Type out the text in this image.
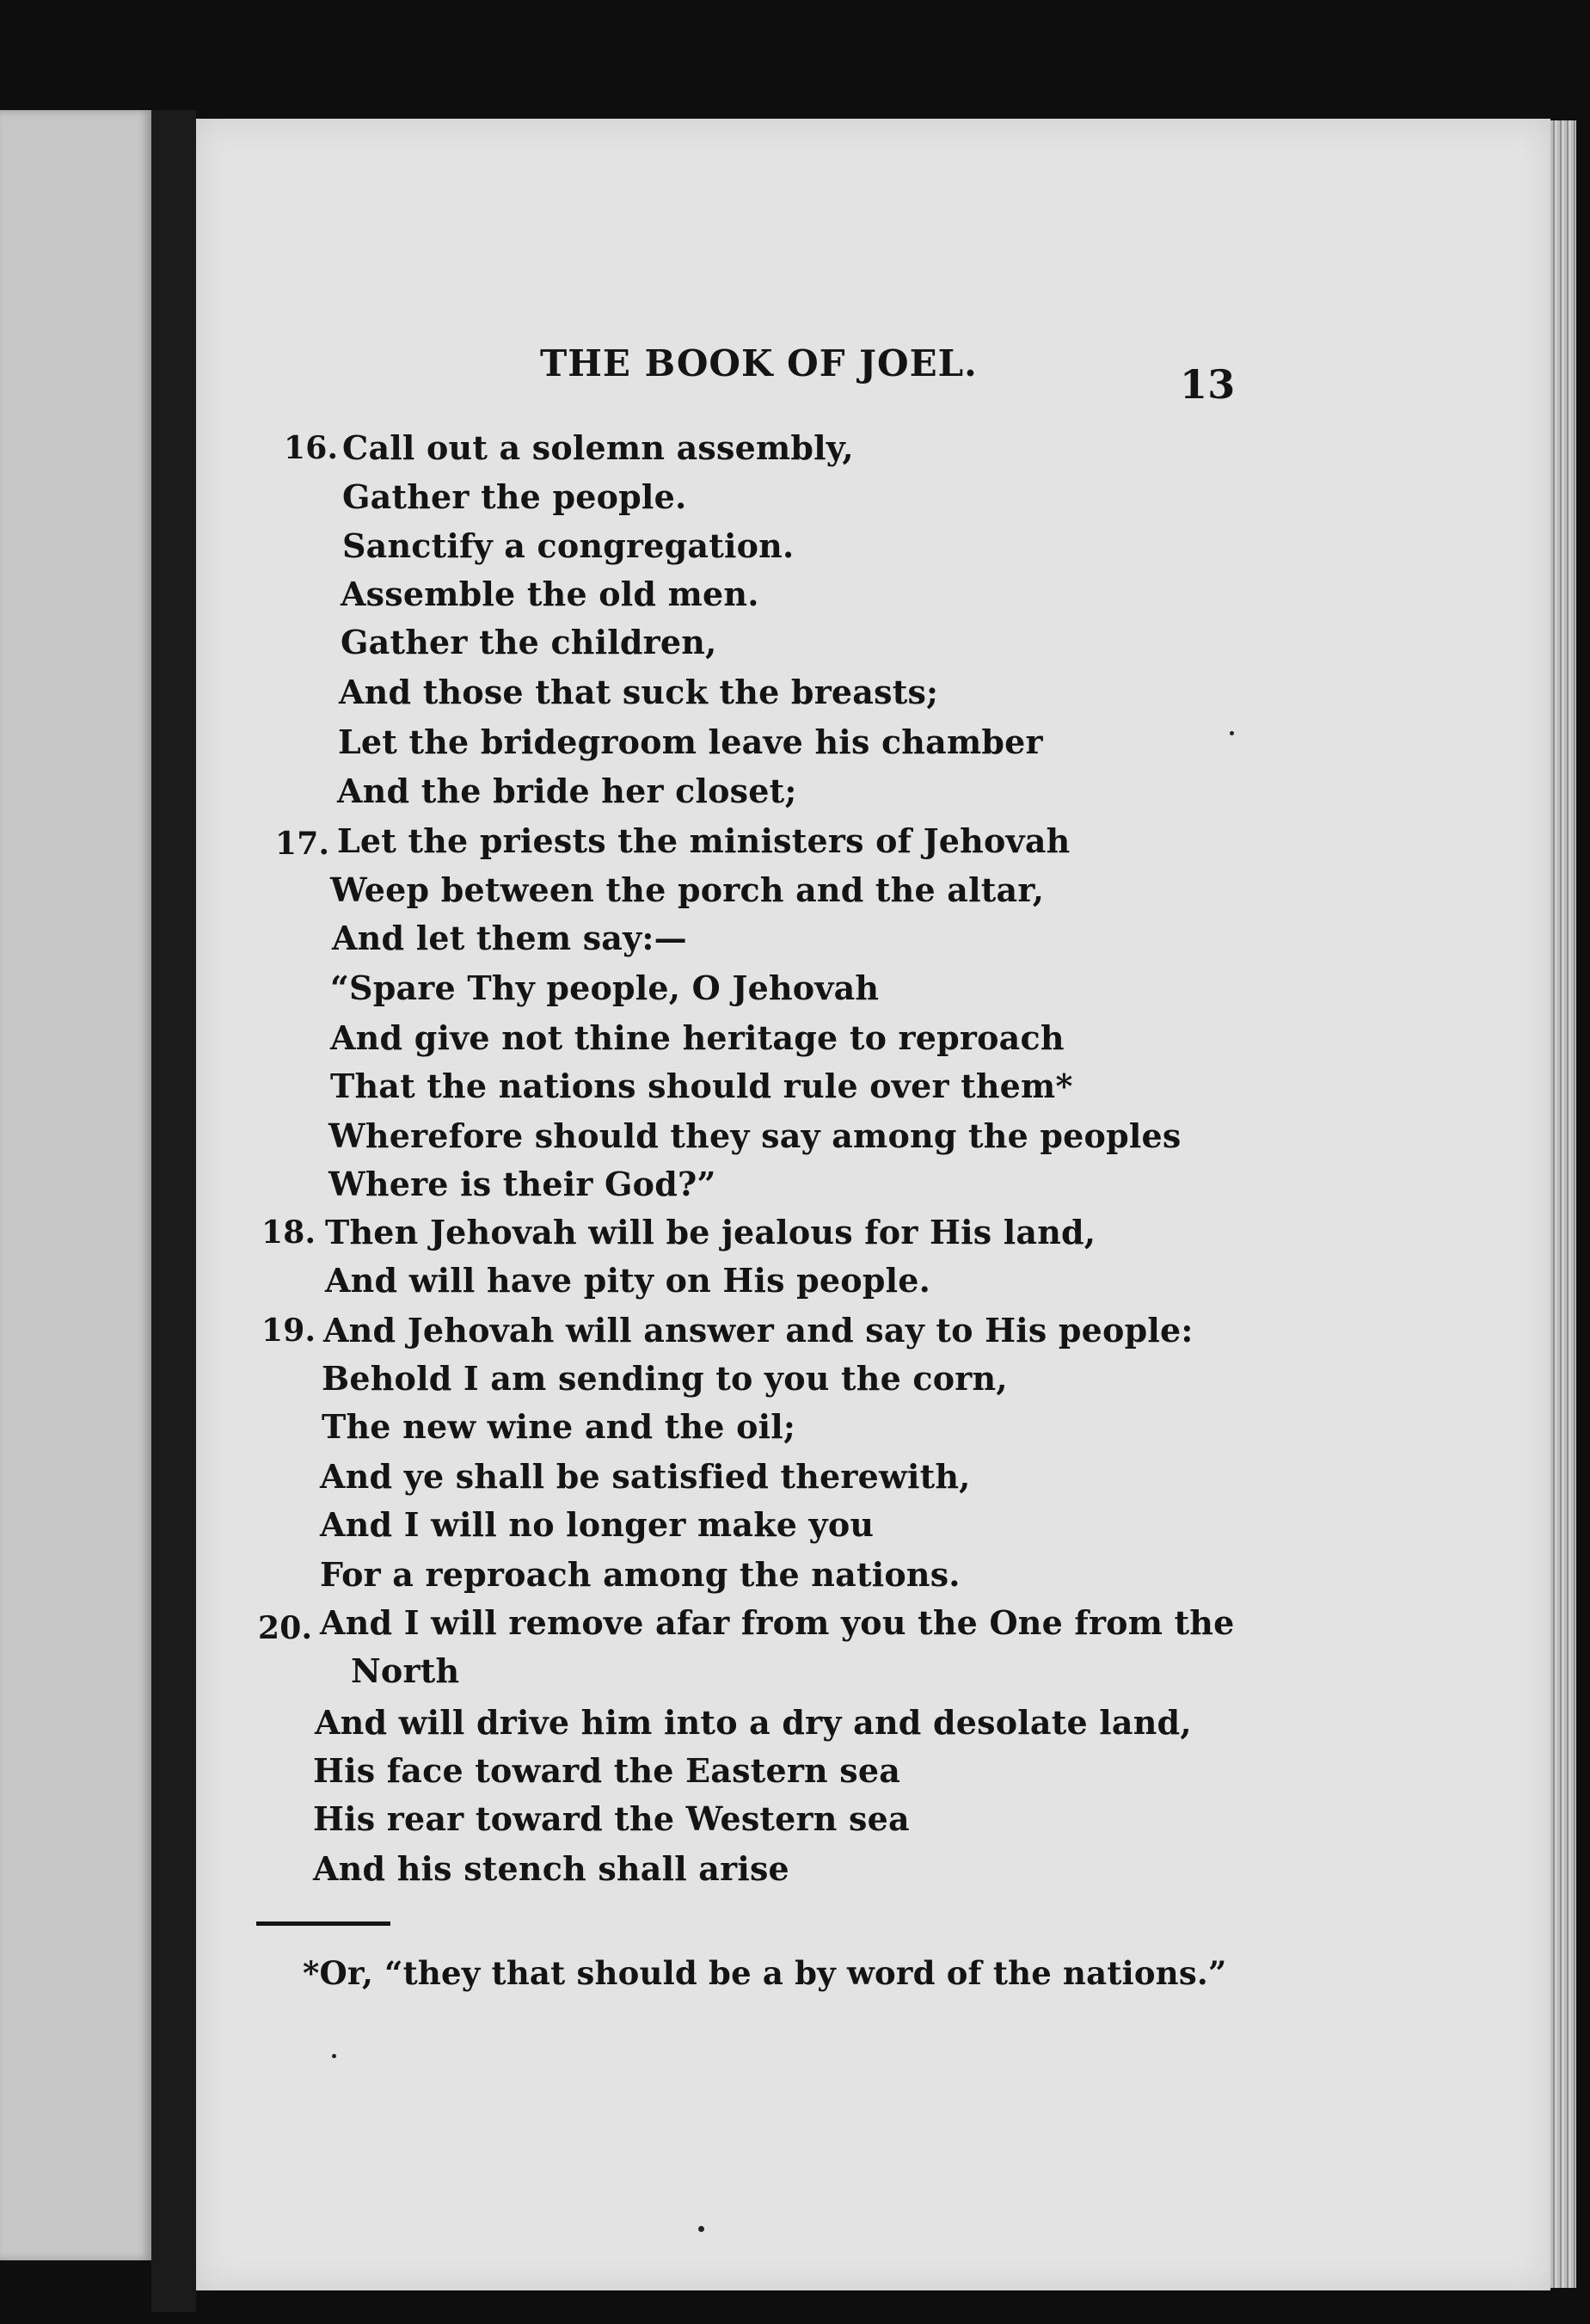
THE BOOK OF JOEL.	13
16. Call out a solemn assembly,
Gather the people.
Sanctify a congregation.
Assemble the old men.
Gather the children,
And those that suck the breasts;
Let the bridegroom leave his chamber
And the bride her closet;
17. Let the priests the ministers of Jehovah
Weep between the porch and the altar,
And let them say:—
“Spare Thy people, O Jehovah
And give not thine heritage to reproach
That the nations should rule over them*
Wherefore should they say among the peoples
Where is their God?”
18. Then Jehovah will be jealous for His land,
And will have pity on His people.
19. And Jehovah will answer and say to His people:
Behold I am sending to you the corn,
The new wine and the oil;
And ye shall be satisfied therewith,
And I will no longer make you
For a reproach among the nations.
20. And I will remove afar from you the One from the
North
And will drive him into a dry and desolate land,
His face toward the Eastern sea
His rear toward the Western sea
And his stench shall arise
*Or, “they that should be a by word of the nations.”
